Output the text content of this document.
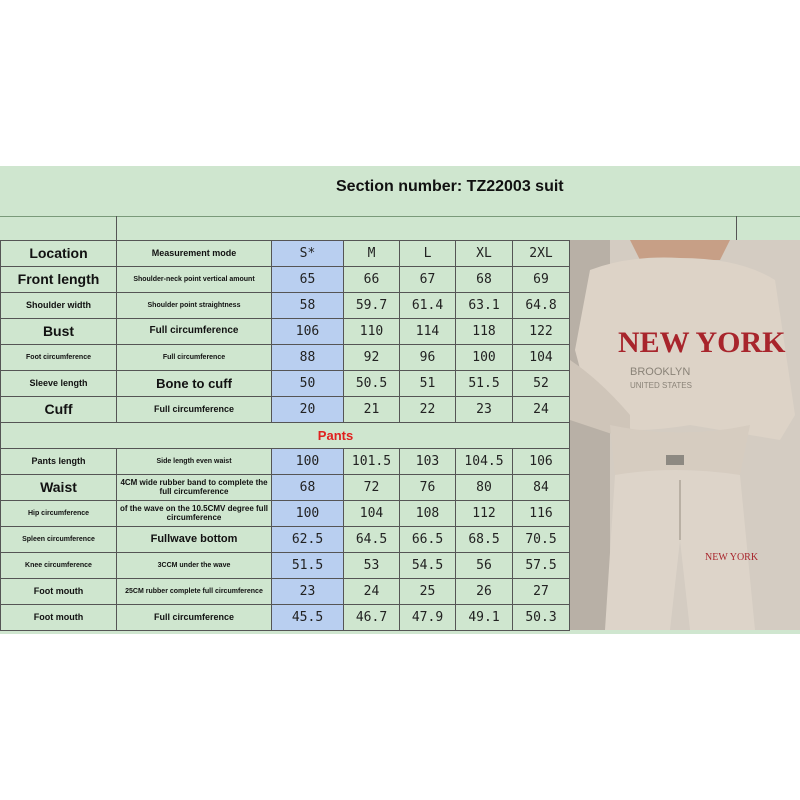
Section number: TZ22003 suit
Location	Measurement mode	S*	M	L	XL	2XL
Front length	Shoulder-neck point vertical amount	65	66	67	68	69
Shoulder width	Shoulder point straightness	58	59.7	61.4	63.1	64.8
Bust	Full circumference	106	110	114	118	122
Foot circumference	Full circumference	88	92	96	100	104
Sleeve length	Bone to cuff	50	50.5	51	51.5	52
Cuff	Full circumference	20	21	22	23	24
		Pants				
Pants length	Side length even waist	100	101.5	103	104.5	106
Waist	4CM wide rubber band to complete the full circumference	68	72	76	80	84
Hip circumference	of the wave on the 10.5CMV degree full circumference	100	104	108	112	116
Spleen circumference	Fullwave bottom	62.5	64.5	66.5	68.5	70.5
Knee circumference	3CCM under the wave	51.5	53	54.5	56	57.5
Foot mouth	25CM rubber complete full circumference	23	24	25	26	27
Foot mouth	Full circumference	45.5	46.7	47.9	49.1	50.3
NEW YORK
BROOKLYN
UNITED STATES
NEW YORK
